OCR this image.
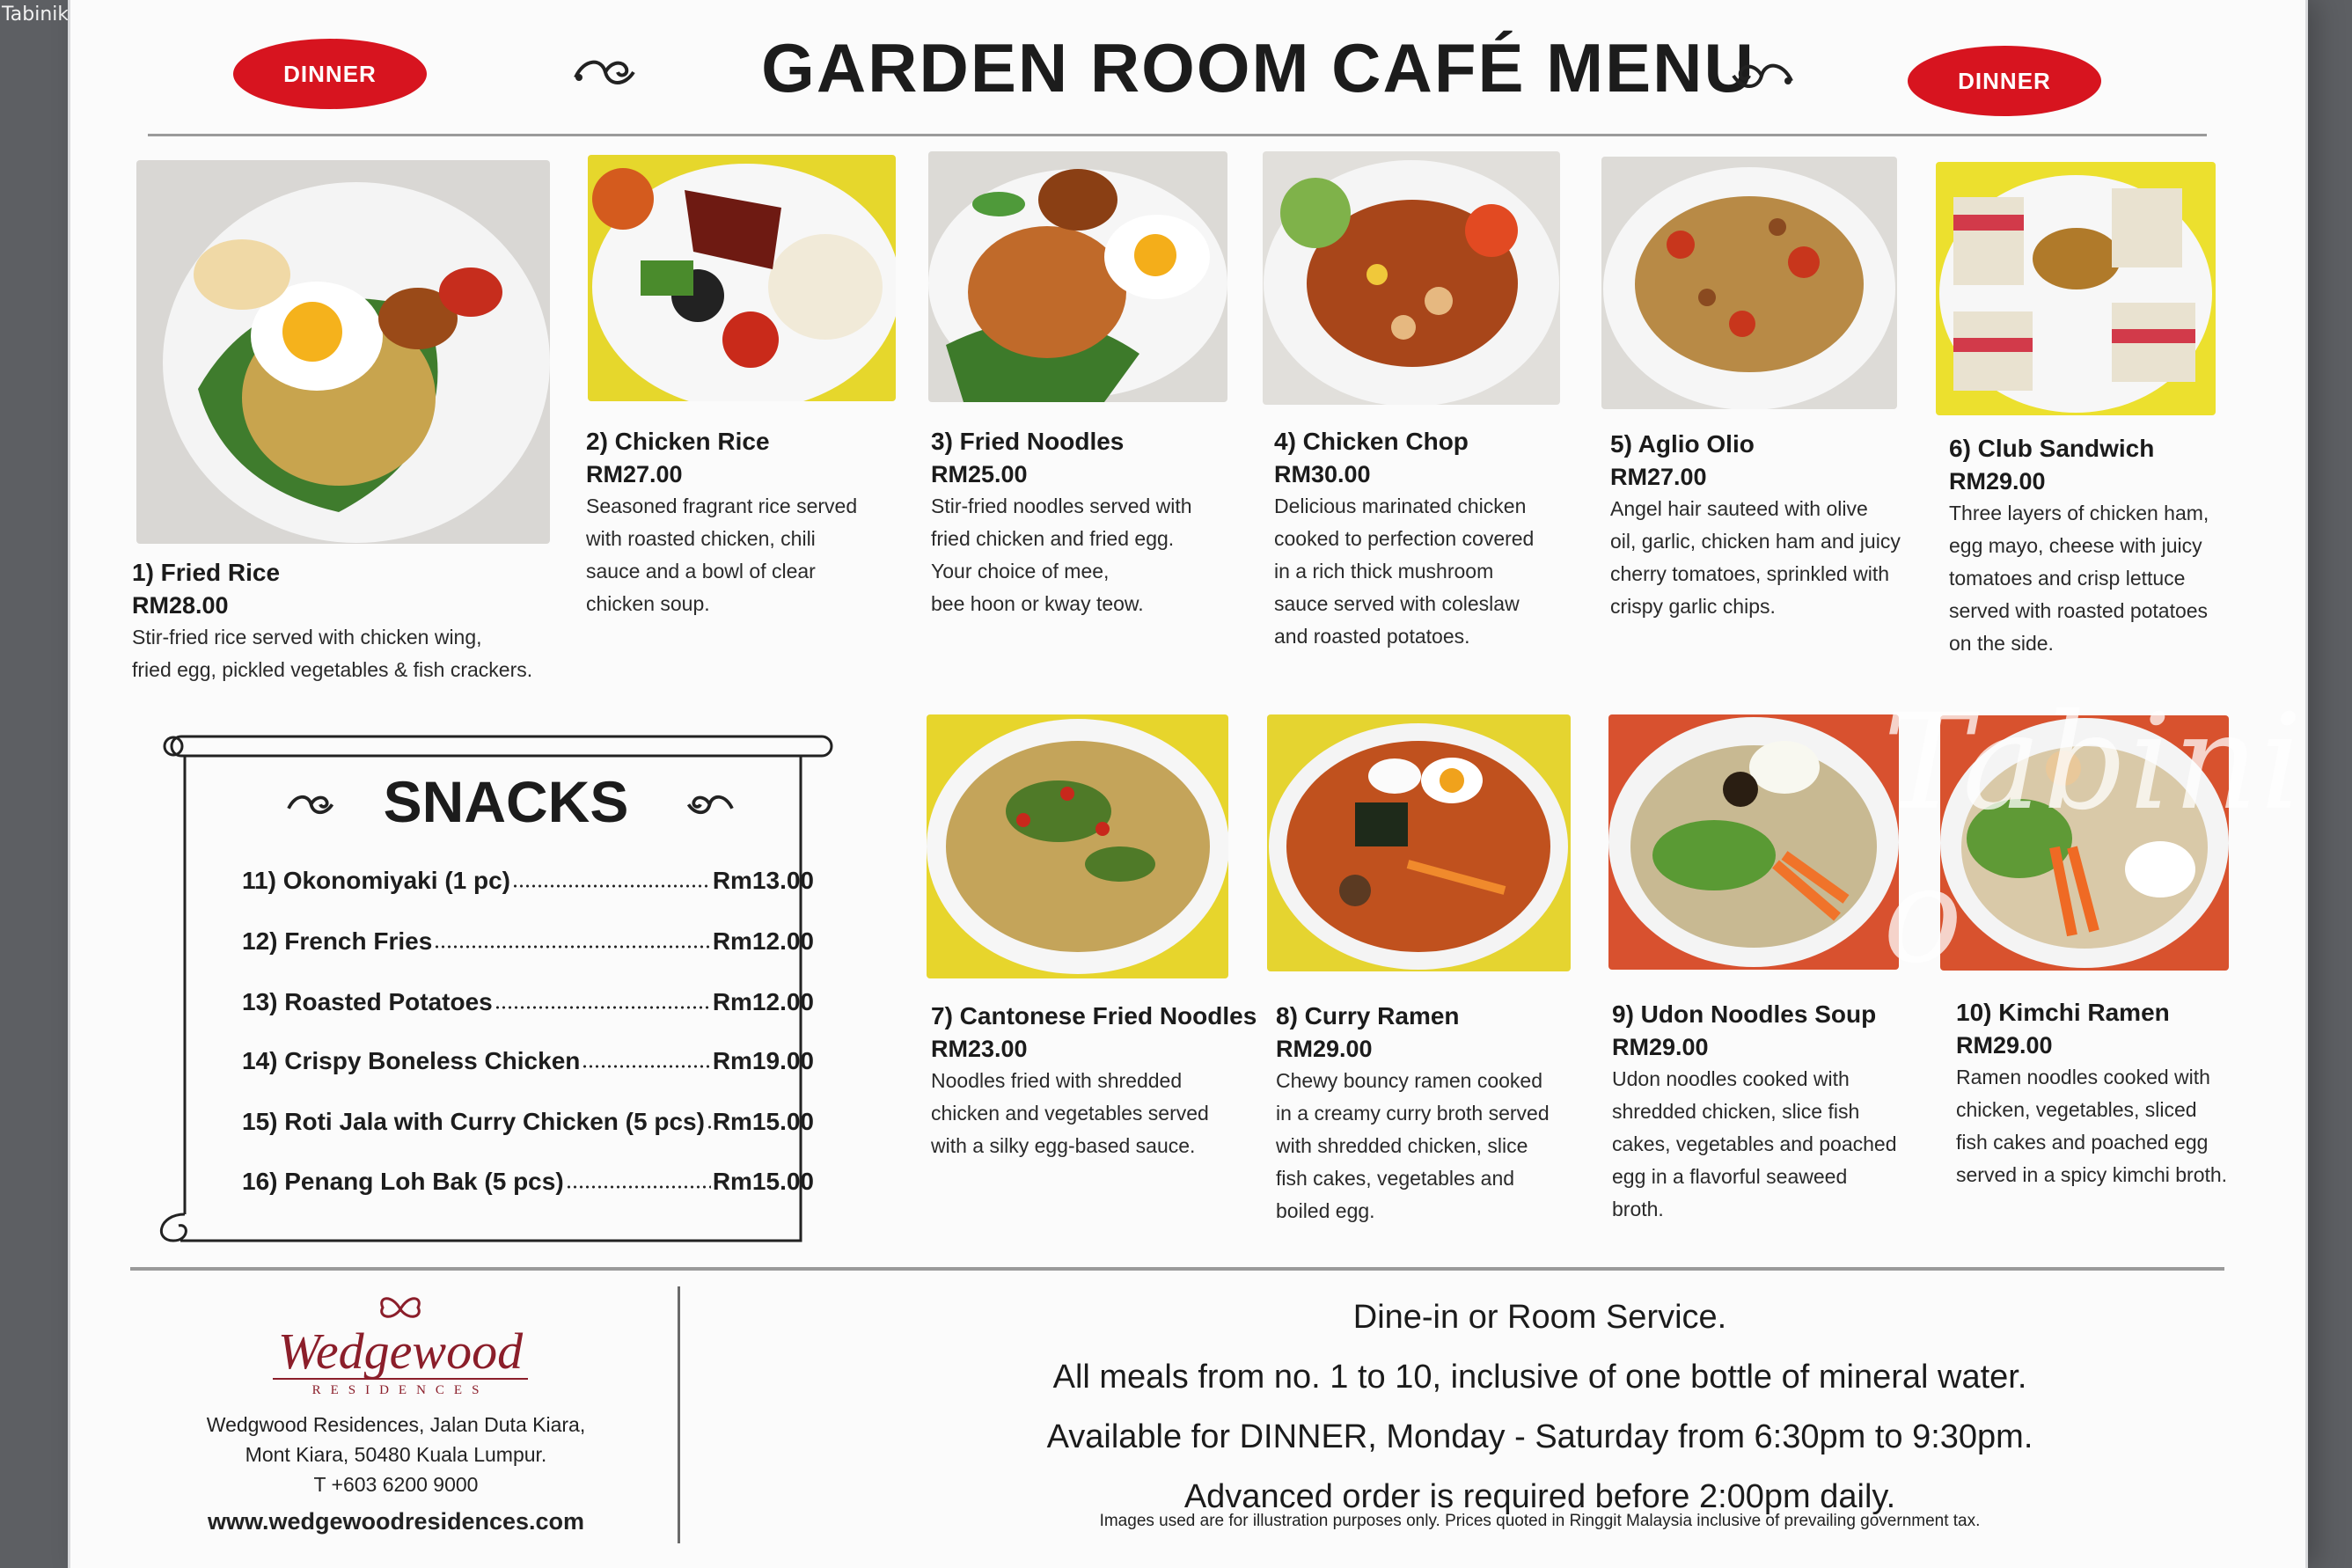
Tabinik
DINNER	DINNER
GARDEN ROOM CAFÉ MENU
1) Fried Rice
RM28.00
Stir-fried rice served with chicken wing,
fried egg, pickled vegetables & fish crackers.
2) Chicken Rice
RM27.00
Seasoned fragrant rice served
with roasted chicken, chili
sauce and a bowl of clear
chicken soup.
3) Fried Noodles
RM25.00
Stir-fried noodles served with
fried chicken and fried egg.
Your choice of mee,
bee hoon or kway teow.
4) Chicken Chop
RM30.00
Delicious marinated chicken
cooked to perfection covered
in a rich thick mushroom
sauce served with coleslaw
and roasted potatoes.
5) Aglio Olio
RM27.00
Angel hair sauteed with olive
oil, garlic, chicken ham and juicy
cherry tomatoes, sprinkled with
crispy garlic chips.
6) Club Sandwich
RM29.00
Three layers of chicken ham,
egg mayo, cheese with juicy
tomatoes and crisp lettuce
served with roasted potatoes
on the side.
SNACKS
11) Okonomiyaki (1 pc)	Rm13.00
12) French Fries	Rm12.00
13) Roasted Potatoes	Rm12.00
14) Crispy Boneless Chicken	Rm19.00
15) Roti Jala with Curry Chicken (5 pcs) Rm15.00
16) Penang Loh Bak (5 pcs)	Rm15.00
7) Cantonese Fried Noodles
RM23.00
Noodles fried with shredded
chicken and vegetables served
with a silky egg-based sauce.
8) Curry Ramen
RM29.00
Chewy bouncy ramen cooked
in a creamy curry broth served
with shredded chicken, slice
fish cakes, vegetables and
boiled egg.
9) Udon Noodles Soup
RM29.00
Udon noodles cooked with
shredded chicken, slice fish
cakes, vegetables and poached
egg in a flavorful seaweed
broth.
10) Kimchi Ramen
RM29.00
Ramen noodles cooked with
chicken, vegetables, sliced
fish cakes and poached egg
served in a spicy kimchi broth.
Tabini o
Wedgewood
RESIDENCES
Wedgwood Residences, Jalan Duta Kiara,
Mont Kiara, 50480 Kuala Lumpur.
T +603 6200 9000
www.wedgewoodresidences.com
Dine-in or Room Service.
All meals from no. 1 to 10, inclusive of one bottle of mineral water.
Available for DINNER, Monday - Saturday from 6:30pm to 9:30pm.
Advanced order is required before 2:00pm daily.
Images used are for illustration purposes only. Prices quoted in Ringgit Malaysia inclusive of prevailing government tax.
